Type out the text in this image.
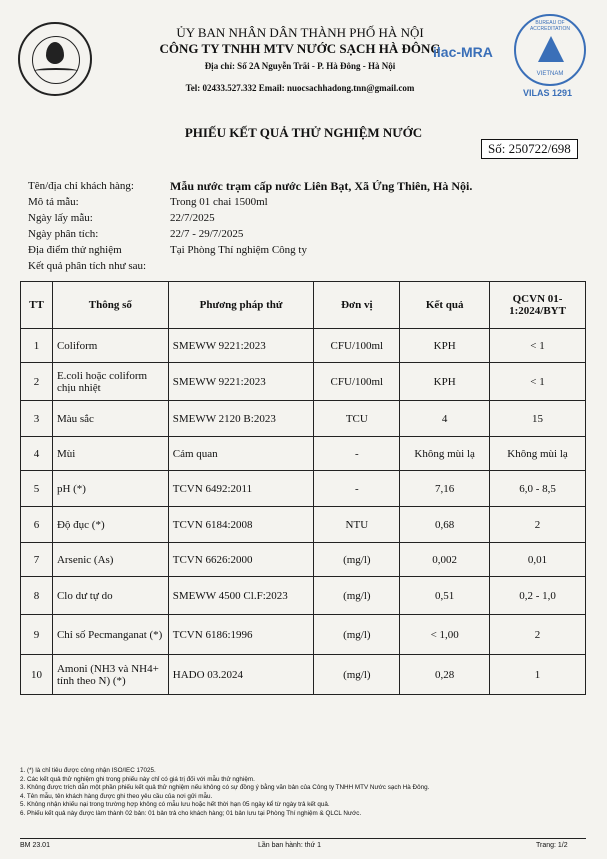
ỦY BAN NHÂN DÂN THÀNH PHỐ HÀ NỘI
CÔNG TY TNHH MTV NƯỚC SẠCH HÀ ĐÔNG
Địa chỉ: Số 2A Nguyễn Trãi - P. Hà Đông - Hà Nội
Tel: 02433.527.332 Email: nuocsachhadong.tnn@gmail.com
ilac-MRA
BUREAU OF ACCREDITATION
VIETNAM
VILAS 1291
PHIẾU KẾT QUẢ THỬ NGHIỆM NƯỚC
Số: 250722/698
Tên/địa chỉ khách hàng:	Mẫu nước trạm cấp nước Liên Bạt, Xã Ứng Thiên, Hà Nội.
Mô tả mẫu:	Trong 01 chai 1500ml
Ngày lấy mẫu:	22/7/2025
Ngày phân tích:	22/7 - 29/7/2025
Địa điểm thử nghiệm	Tại Phòng Thí nghiệm Công ty
Kết quả phân tích như sau:
TT	Thông số	Phương pháp thử	Đơn vị	Kết quả	QCVN 01-1:2024/BYT
1	Coliform	SMEWW 9221:2023	CFU/100ml	KPH	< 1
2	E.coli hoặc coliform chịu nhiệt	SMEWW 9221:2023	CFU/100ml	KPH	< 1
3	Màu sắc	SMEWW 2120 B:2023	TCU	4	15
4	Mùi	Cảm quan	-	Không mùi lạ	Không mùi lạ
5	pH (*)	TCVN 6492:2011	-	7,16	6,0 - 8,5
6	Độ đục (*)	TCVN 6184:2008	NTU	0,68	2
7	Arsenic (As)	TCVN 6626:2000	(mg/l)	0,002	0,01
8	Clo dư tự do	SMEWW 4500 Cl.F:2023	(mg/l)	0,51	0,2 - 1,0
9	Chỉ số Pecmanganat (*)	TCVN 6186:1996	(mg/l)	< 1,00	2
10	Amoni (NH3 và NH4+ tính theo N) (*)	HADO 03.2024	(mg/l)	0,28	1
1. (*) là chỉ tiêu được công nhận ISO/IEC 17025.
2. Các kết quả thử nghiệm ghi trong phiếu này chỉ có giá trị đối với mẫu thử nghiệm.
3. Không được trích dẫn một phần phiếu kết quả thử nghiệm nếu không có sự đồng ý bằng văn bản của Công ty TNHH MTV Nước sạch Hà Đông.
4. Tên mẫu, tên khách hàng được ghi theo yêu cầu của nơi gửi mẫu.
5. Không nhận khiếu nại trong trường hợp không có mẫu lưu hoặc hết thời hạn 05 ngày kể từ ngày trả kết quả.
6. Phiếu kết quả này được làm thành 02 bản: 01 bản trả cho khách hàng; 01 bản lưu tại Phòng Thí nghiệm & QLCL Nước.
BM 23.01	Lần ban hành: thứ 1	Trang: 1/2
